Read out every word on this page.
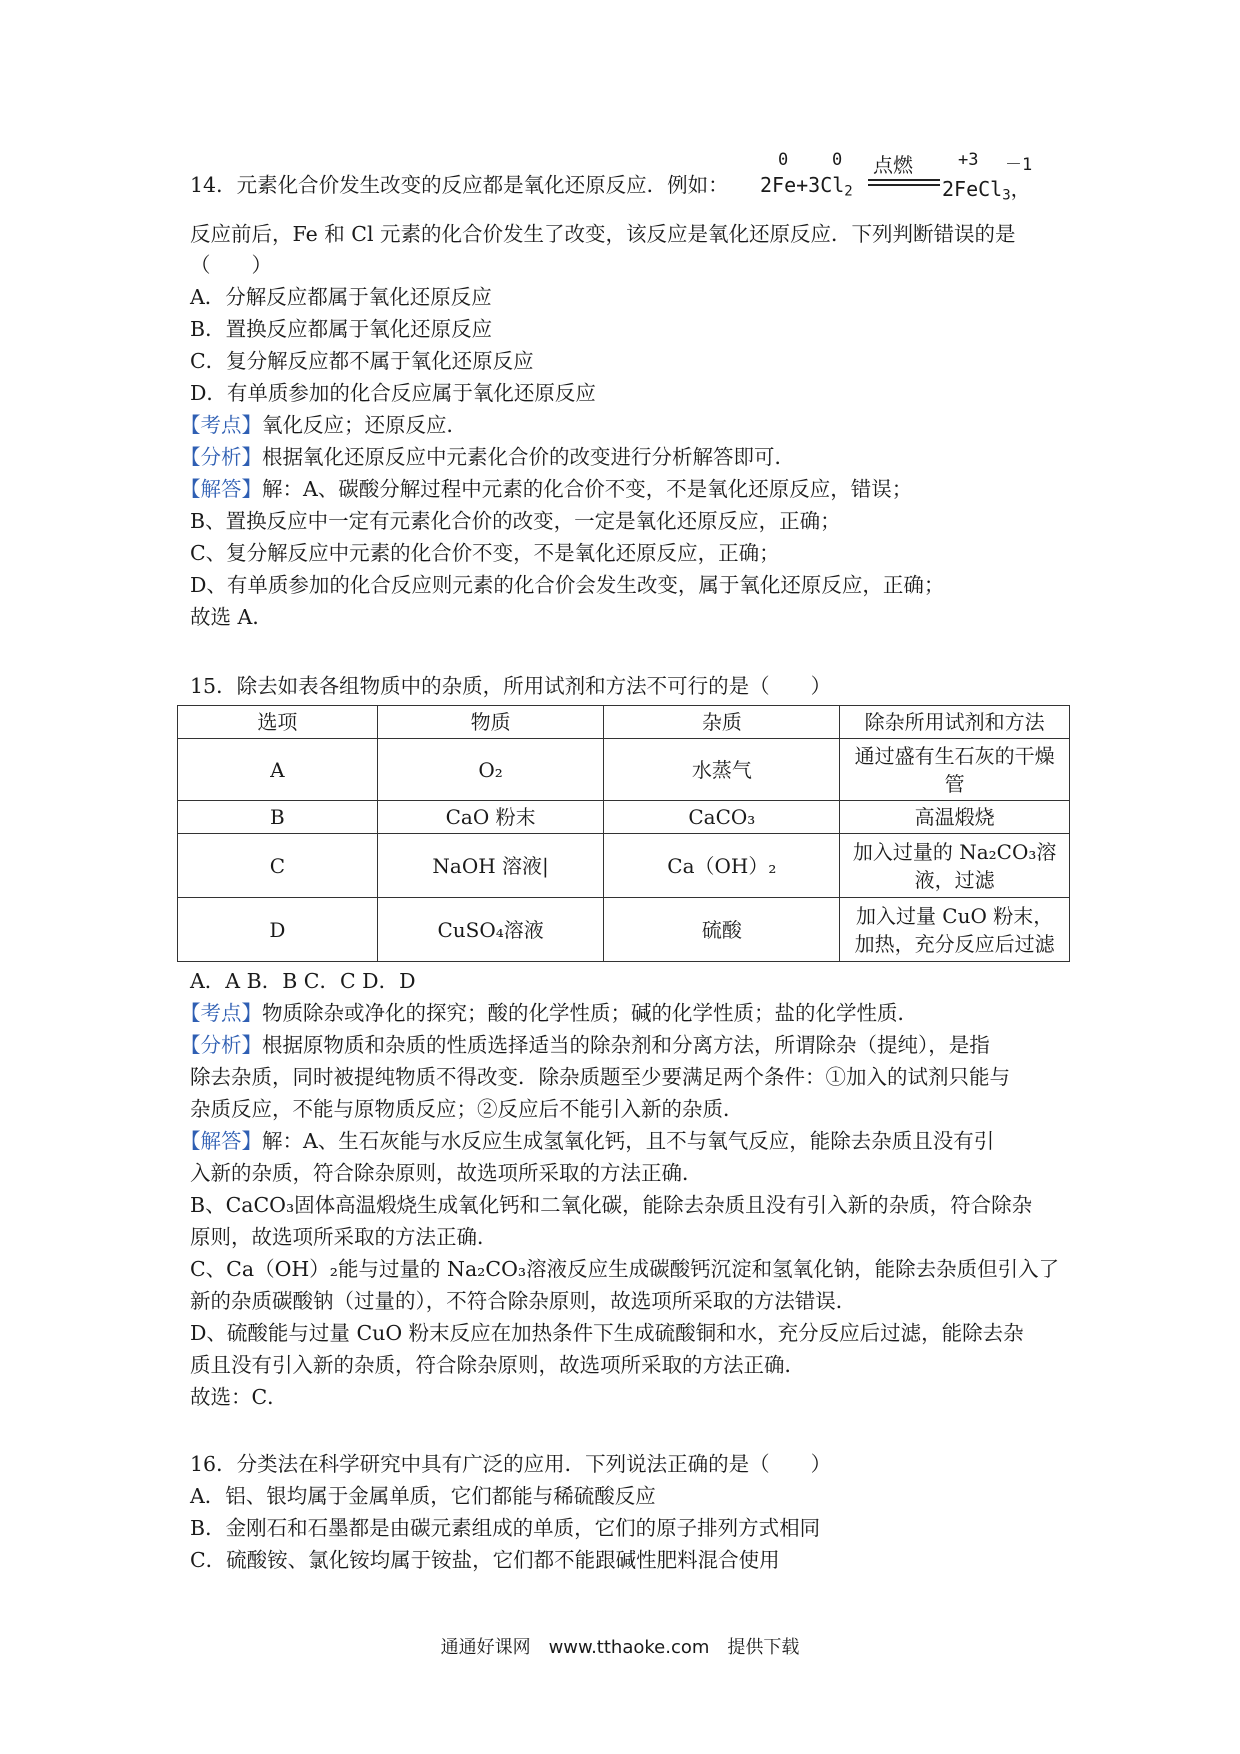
14．元素化合价发生改变的反应都是氧化还原反应．例如：
0	0	+3 －1
$2Fe+3Cl_2$
点燃
2FeCl$_3$，
反应前后，Fe 和 Cl 元素的化合价发生了改变，该反应是氧化还原反应．下列判断错误的是
（　　）
A．分解反应都属于氧化还原反应
B．置换反应都属于氧化还原反应
C．复分解反应都不属于氧化还原反应
D．有单质参加的化合反应属于氧化还原反应
【考点】氧化反应；还原反应．
【分析】根据氧化还原反应中元素化合价的改变进行分析解答即可．
【解答】解：A、碳酸分解过程中元素的化合价不变，不是氧化还原反应，错误；
B、置换反应中一定有元素化合价的改变，一定是氧化还原反应，正确；
C、复分解反应中元素的化合价不变，不是氧化还原反应，正确；
D、有单质参加的化合反应则元素的化合价会发生改变，属于氧化还原反应，正确；
故选 A．
15．除去如表各组物质中的杂质，所用试剂和方法不可行的是（　　）
选项	物质	杂质	除杂所用试剂和方法
A	O₂	水蒸气	通过盛有生石灰的干燥管
B	CaO 粉末	CaCO₃	高温煅烧
C	NaOH 溶液|	Ca（OH）₂	加入过量的 Na₂CO₃溶液，过滤
D	CuSO₄溶液	硫酸	加入过量 CuO 粉末，加热，充分反应后过滤
A．A B．B C．C D．D
【考点】物质除杂或净化的探究；酸的化学性质；碱的化学性质；盐的化学性质．
【分析】根据原物质和杂质的性质选择适当的除杂剂和分离方法，所谓除杂（提纯），是指
除去杂质，同时被提纯物质不得改变．除杂质题至少要满足两个条件：①加入的试剂只能与
杂质反应，不能与原物质反应；②反应后不能引入新的杂质．
【解答】解：A、生石灰能与水反应生成氢氧化钙，且不与氧气反应，能除去杂质且没有引
入新的杂质，符合除杂原则，故选项所采取的方法正确．
B、CaCO₃固体高温煅烧生成氧化钙和二氧化碳，能除去杂质且没有引入新的杂质，符合除杂
原则，故选项所采取的方法正确．
C、Ca（OH）₂能与过量的 Na₂CO₃溶液反应生成碳酸钙沉淀和氢氧化钠，能除去杂质但引入了
新的杂质碳酸钠（过量的），不符合除杂原则，故选项所采取的方法错误．
D、硫酸能与过量 CuO 粉末反应在加热条件下生成硫酸铜和水，充分反应后过滤，能除去杂
质且没有引入新的杂质，符合除杂原则，故选项所采取的方法正确．
故选：C．
16．分类法在科学研究中具有广泛的应用．下列说法正确的是（　　）
A．铝、银均属于金属单质，它们都能与稀硫酸反应
B．金刚石和石墨都是由碳元素组成的单质，它们的原子排列方式相同
C．硫酸铵、氯化铵均属于铵盐，它们都不能跟碱性肥料混合使用
通通好课网　www.tthaoke.com　提供下载
